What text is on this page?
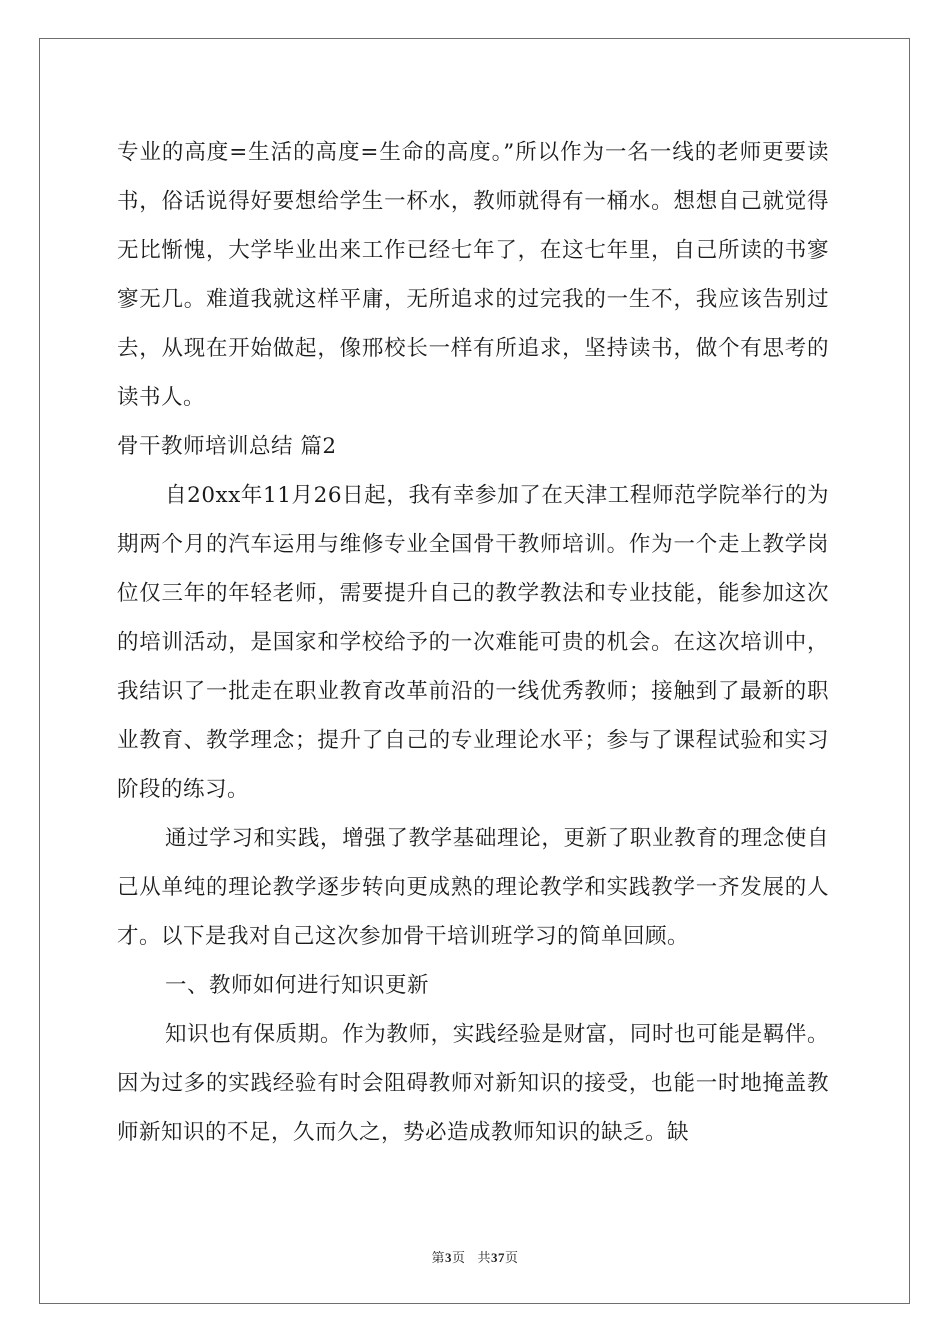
专业的高度=生活的高度=生命的高度。”所以作为一名一线的老师更要读书，俗话说得好要想给学生一杯水，教师就得有一桶水。想想自己就觉得无比惭愧，大学毕业出来工作已经七年了，在这七年里，自己所读的书寥寥无几。难道我就这样平庸，无所追求的过完我的一生不，我应该告别过去，从现在开始做起，像邢校长一样有所追求，坚持读书，做个有思考的读书人。

骨干教师培训总结 篇2

自20xx年11月26日起，我有幸参加了在天津工程师范学院举行的为期两个月的汽车运用与维修专业全国骨干教师培训。作为一个走上教学岗位仅三年的年轻老师，需要提升自己的教学教法和专业技能，能参加这次的培训活动，是国家和学校给予的一次难能可贵的机会。在这次培训中，我结识了一批走在职业教育改革前沿的一线优秀教师；接触到了最新的职业教育、教学理念；提升了自己的专业理论水平；参与了课程试验和实习阶段的练习。

通过学习和实践，增强了教学基础理论，更新了职业教育的理念使自己从单纯的理论教学逐步转向更成熟的理论教学和实践教学一齐发展的人才。以下是我对自己这次参加骨干培训班学习的简单回顾。

一、教师如何进行知识更新

知识也有保质期。作为教师，实践经验是财富，同时也可能是羁伴。因为过多的实践经验有时会阻碍教师对新知识的接受，也能一时地掩盖教师新知识的不足，久而久之，势必造成教师知识的缺乏。缺

第3页 共37页
